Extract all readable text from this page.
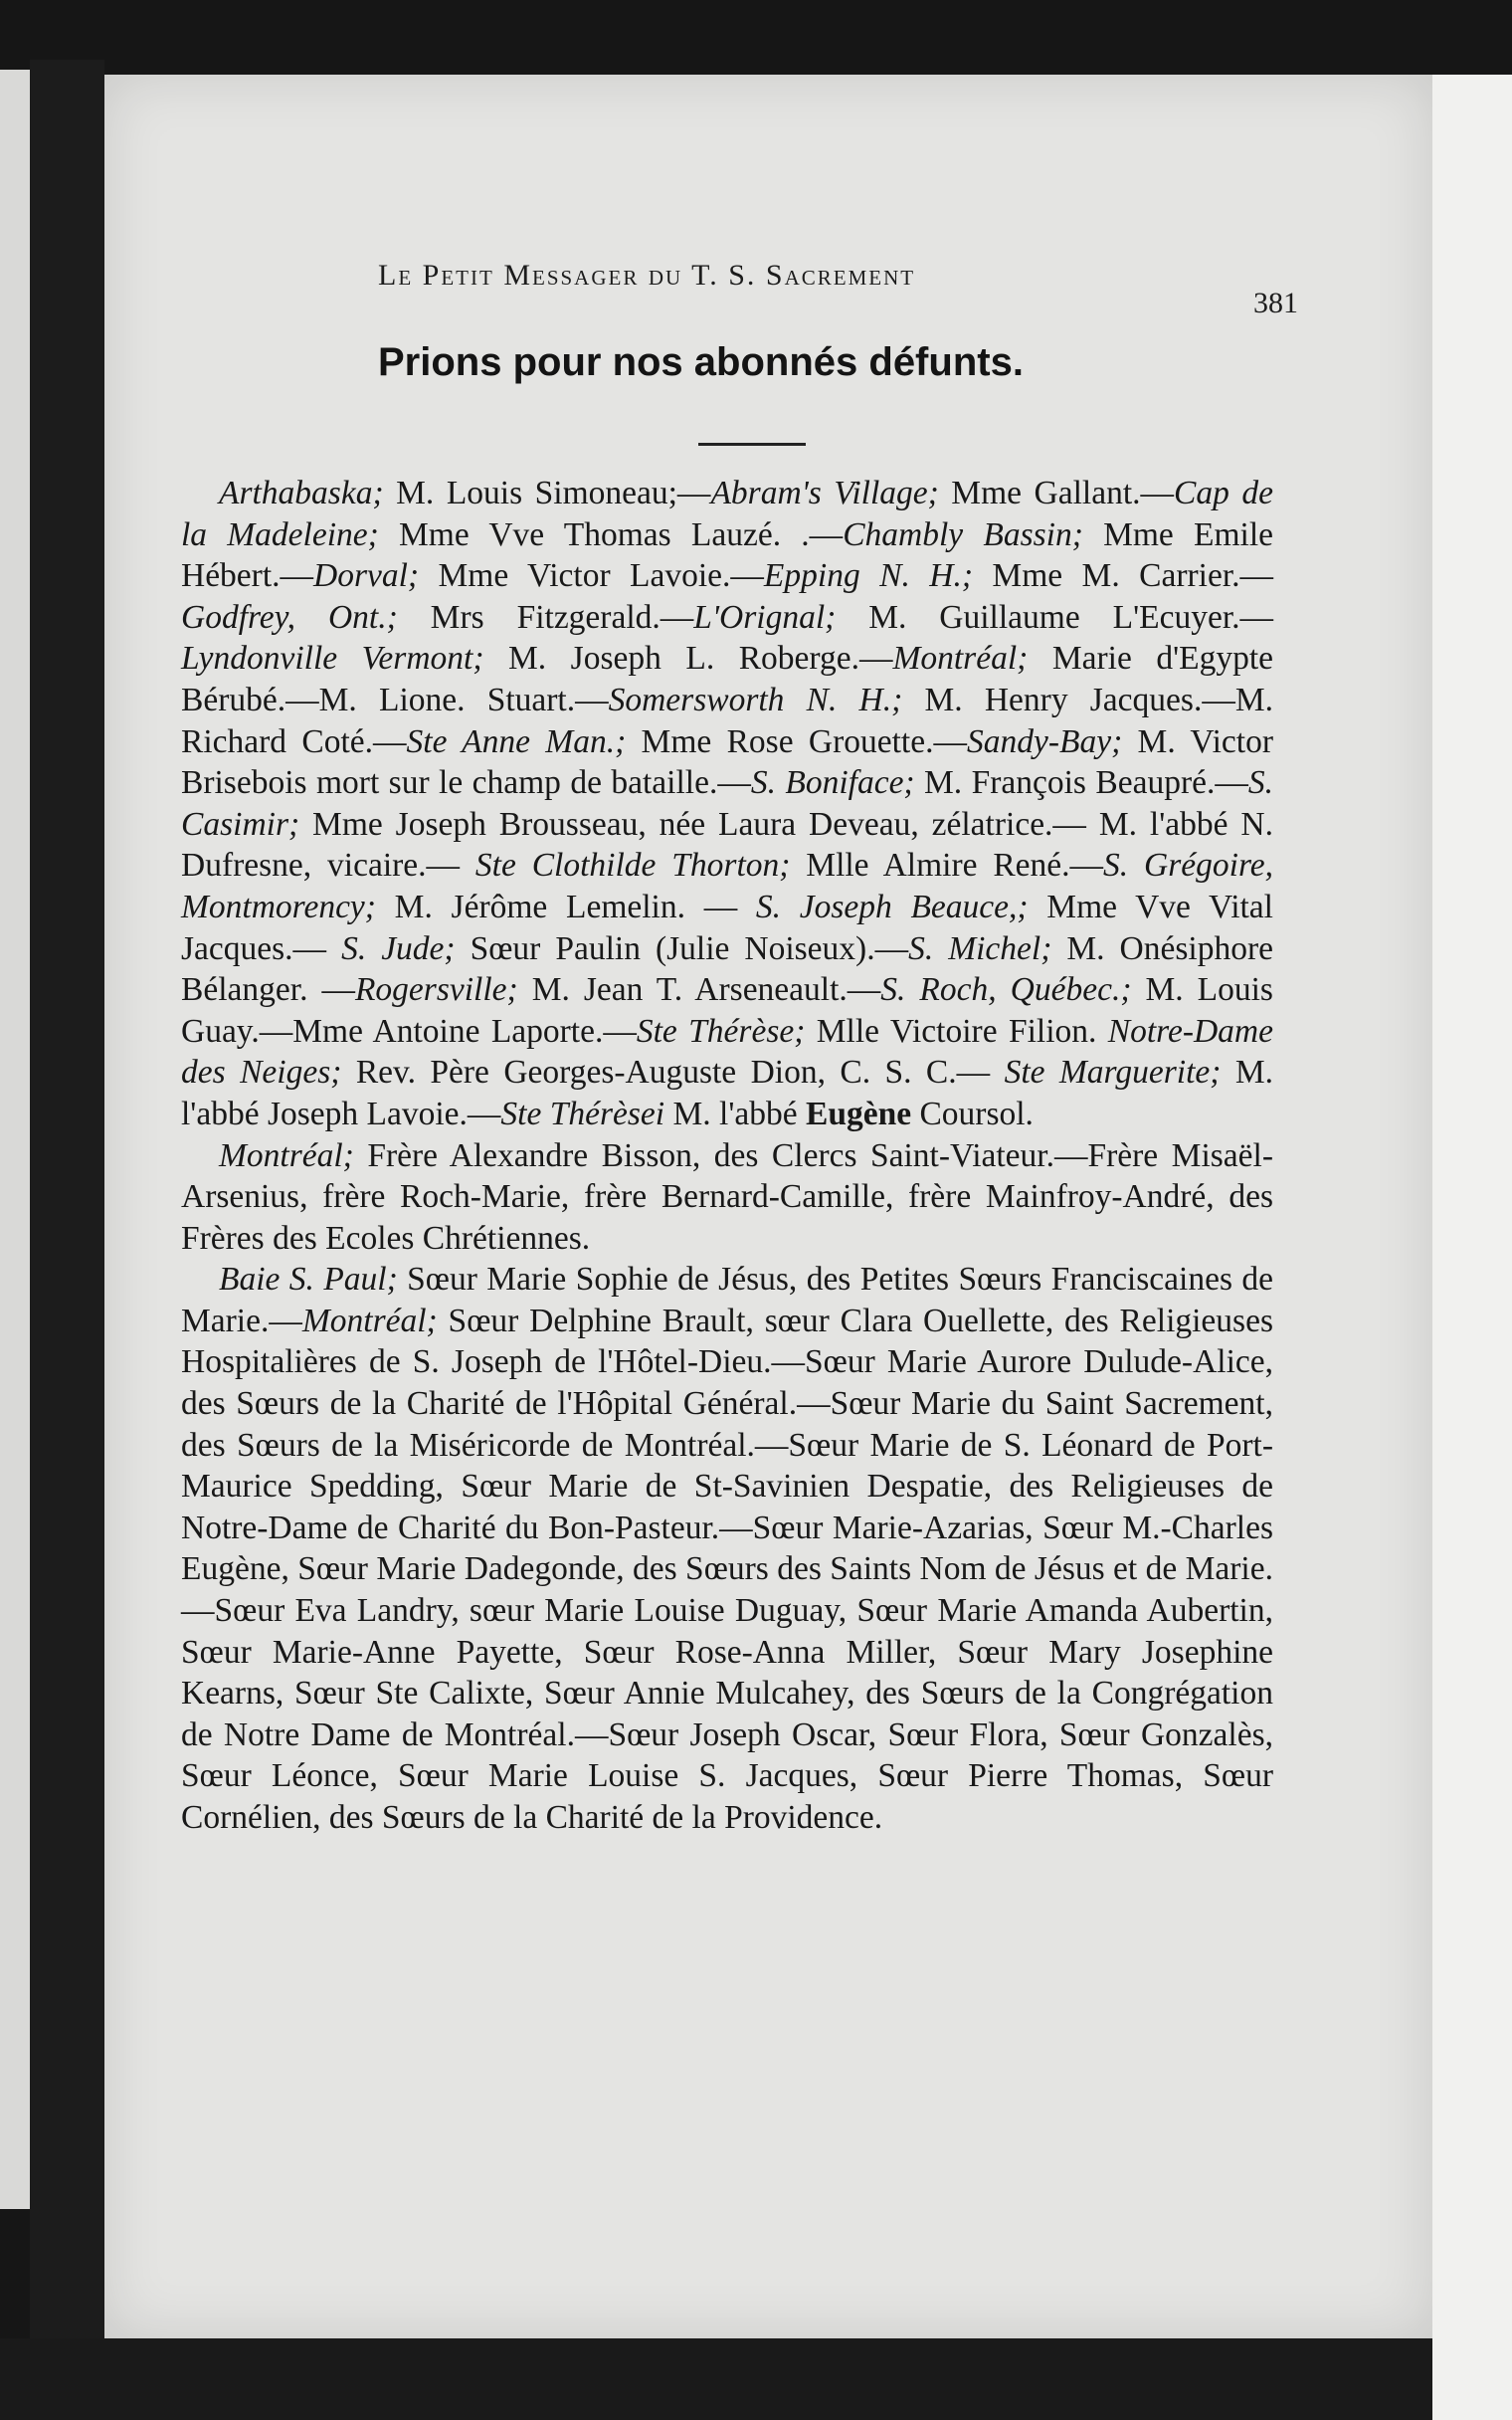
Le Petit Messager du T. S. Sacrement
381
Prions pour nos abonnés défunts.

Arthabaska; M. Louis Simoneau;—Abram's Village; Mme Gallant.—Cap de la Madeleine; Mme Vve Thomas Lauzé. .—Chambly Bassin; Mme Emile Hébert.—Dorval; Mme Victor Lavoie.—Epping N. H.; Mme M. Carrier.—Godfrey, Ont.; Mrs Fitzgerald.—L'Orignal; M. Guillaume L'Ecuyer.—Lyndonville Vermont; M. Joseph L. Roberge.—Montréal; Marie d'Egypte Bérubé.—M. Lione. Stuart.—Somersworth N. H.; M. Henry Jacques.—M. Richard Coté.—Ste Anne Man.; Mme Rose Grouette.—Sandy-Bay; M. Victor Brisebois mort sur le champ de bataille.—S. Boniface; M. François Beaupré.—S. Casimir; Mme Joseph Brousseau, née Laura Deveau, zélatrice.— M. l'abbé N. Dufresne, vicaire.— Ste Clothilde Thorton; Mlle Almire René.—S. Grégoire, Montmorency; M. Jérôme Lemelin. — S. Joseph Beauce,; Mme Vve Vital Jacques.— S. Jude; Sœur Paulin (Julie Noiseux).—S. Michel; M. Onésiphore Bélanger. —Rogersville; M. Jean T. Arseneault.—S. Roch, Québec.; M. Louis Guay.—Mme Antoine Laporte.—Ste Thérèse; Mlle Victoire Filion. Notre-Dame des Neiges; Rev. Père Georges-Auguste Dion, C. S. C.— Ste Marguerite; M. l'abbé Joseph Lavoie.—Ste Thérèsei M. l'abbé Eugène Coursol.

Montréal; Frère Alexandre Bisson, des Clercs Saint-Viateur.—Frère Misaël-Arsenius, frère Roch-Marie, frère Bernard-Camille, frère Mainfroy-André, des Frères des Ecoles Chrétiennes.

Baie S. Paul; Sœur Marie Sophie de Jésus, des Petites Sœurs Franciscaines de Marie.—Montréal; Sœur Delphine Brault, sœur Clara Ouellette, des Religieuses Hospitalières de S. Joseph de l'Hôtel-Dieu.—Sœur Marie Aurore Dulude-Alice, des Sœurs de la Charité de l'Hôpital Général.—Sœur Marie du Saint Sacrement, des Sœurs de la Miséricorde de Montréal.—Sœur Marie de S. Léonard de Port-Maurice Spedding, Sœur Marie de St-Savinien Despatie, des Religieuses de Notre-Dame de Charité du Bon-Pasteur.—Sœur Marie-Azarias, Sœur M.-Charles Eugène, Sœur Marie Dadegonde, des Sœurs des Saints Nom de Jésus et de Marie.—Sœur Eva Landry, sœur Marie Louise Duguay, Sœur Marie Amanda Aubertin, Sœur Marie-Anne Payette, Sœur Rose-Anna Miller, Sœur Mary Josephine Kearns, Sœur Ste Calixte, Sœur Annie Mulcahey, des Sœurs de la Congrégation de Notre Dame de Montréal.—Sœur Joseph Oscar, Sœur Flora, Sœur Gonzalès, Sœur Léonce, Sœur Marie Louise S. Jacques, Sœur Pierre Thomas, Sœur Cornélien, des Sœurs de la Charité de la Providence.
